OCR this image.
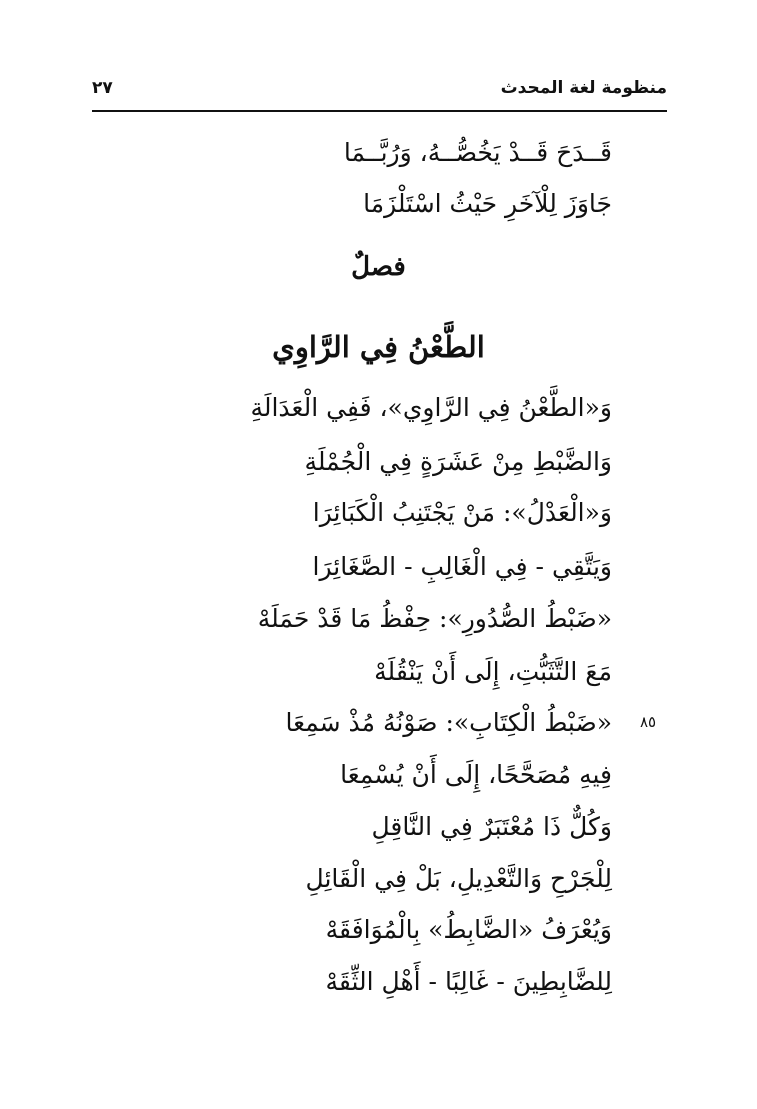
منظومة لغة المحدث
٢٧
قَــدَحَ قَــدْ يَخُصُّــهُ، وَرُبَّــمَا
جَاوَزَ لِلْآخَرِ حَيْثُ اسْتَلْزَمَا
فصلٌ
الطَّعْنُ فِي الرَّاوِي
وَ«الطَّعْنُ فِي الرَّاوِي»، فَفِي الْعَدَالَةِ
وَالضَّبْطِ مِنْ عَشَرَةٍ فِي الْجُمْلَةِ
وَ«الْعَدْلُ»: مَنْ يَجْتَنِبُ الْكَبَائِرَا
وَيَتَّقِي - فِي الْغَالِبِ - الصَّغَائِرَا
«ضَبْطُ الصُّدُورِ»: حِفْظُ مَا قَدْ حَمَلَهْ
مَعَ التَّثَبُّتِ، إِلَى أَنْ يَنْقُلَهْ
«ضَبْطُ الْكِتَابِ»: صَوْنُهُ مُذْ سَمِعَا ٨٥
فِيهِ مُصَحَّحًا، إِلَى أَنْ يُسْمِعَا
وَكُلٌّ ذَا مُعْتَبَرٌ فِي النَّاقِلِ
لِلْجَرْحِ وَالتَّعْدِيلِ، بَلْ فِي الْقَائِلِ
وَيُعْرَفُ «الضَّابِطُ» بِالْمُوَافَقَهْ
لِلضَّابِطِينَ - غَالِبًا - أَهْلِ الثِّقَهْ
